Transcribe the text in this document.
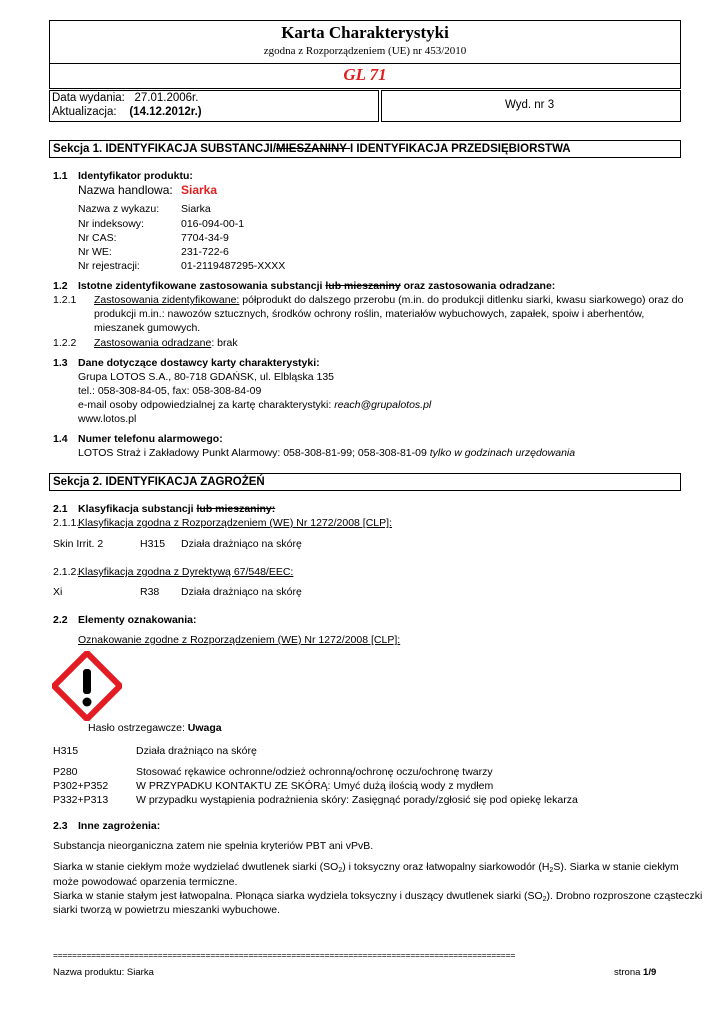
Karta Charakterystyki
zgodna z Rozporządzeniem (UE) nr 453/2010
GL 71
Data wydania: 27.01.2006r.
Aktualizacja: (14.12.2012r.)
Wyd. nr 3
Sekcja 1. IDENTYFIKACJA SUBSTANCJI/MIESZANINY I IDENTYFIKACJA PRZEDSIĘBIORSTWA
1.1 Identyfikator produktu:
Nazwa handlowa: Siarka
Nazwa z wykazu: Siarka
Nr indeksowy:	016-094-00-1
Nr CAS:	7704-34-9
Nr WE:	231-722-6
Nr rejestracji:	01-2119487295-XXXX
1.2 Istotne zidentyfikowane zastosowania substancji lub mieszaniny oraz zastosowania odradzane:
1.2.1 Zastosowania zidentyfikowane: półprodukt do dalszego przerobu (m.in. do produkcji ditlenku siarki, kwasu siarkowego) oraz do
produkcji m.in.: nawozów sztucznych, środków ochrony roślin, materiałów wybuchowych, zapałek, spoiw i aberhentów,
mieszanek gumowych.
1.2.2 Zastosowania odradzane: brak
1.3 Dane dotyczące dostawcy karty charakterystyki:
Grupa LOTOS S.A., 80-718 GDAŃSK, ul. Elbląska 135
tel.: 058-308-84-05, fax: 058-308-84-09
e-mail osoby odpowiedzialnej za kartę charakterystyki: reach@grupalotos.pl
www.lotos.pl
1.4 Numer telefonu alarmowego:
LOTOS Straż i Zakładowy Punkt Alarmowy: 058-308-81-99; 058-308-81-09 tylko w godzinach urzędowania
Sekcja 2. IDENTYFIKACJA ZAGROŻEŃ
2.1 Klasyfikacja substancji lub mieszaniny:
2.1.1.
Klasyfikacja zgodna z Rozporządzeniem (WE) Nr 1272/2008 [CLP]:
Skin Irrit. 2	H315 Działa drażniąco na skórę
2.1.2.
Klasyfikacja zgodna z Dyrektywą 67/548/EEC:
Xi	R38 Działa drażniąco na skórę
2.2 Elementy oznakowania:
Oznakowanie zgodne z Rozporządzeniem (WE) Nr 1272/2008 [CLP]:
Hasło ostrzegawcze: Uwaga
H315	Działa drażniąco na skórę
P280	Stosować rękawice ochronne/odzież ochronną/ochronę oczu/ochronę twarzy
P302+P352	W PRZYPADKU KONTAKTU ZE SKÓRĄ: Umyć dużą ilością wody z mydłem
P332+P313	W przypadku wystąpienia podrażnienia skóry: Zasięgnąć porady/zgłosić się pod opiekę lekarza
2.3 Inne zagrożenia:
Substancja nieorganiczna zatem nie spełnia kryteriów PBT ani vPvB.
Siarka w stanie ciekłym może wydzielać dwutlenek siarki $(SO_2)$ i toksyczny oraz łatwopalny siarkowodór $(H_2S)$. Siarka w stanie ciekłym
może powodować oparzenia termiczne.
Siarka w stanie stałym jest łatwopalna. Płonąca siarka wydziela toksyczny i duszący dwutlenek siarki $(SO_2)$. Drobno rozproszone cząsteczki
siarki tworzą w powietrzu mieszanki wybuchowe.
=================================================================================================
Nazwa produktu: Siarka	strona 1/9
